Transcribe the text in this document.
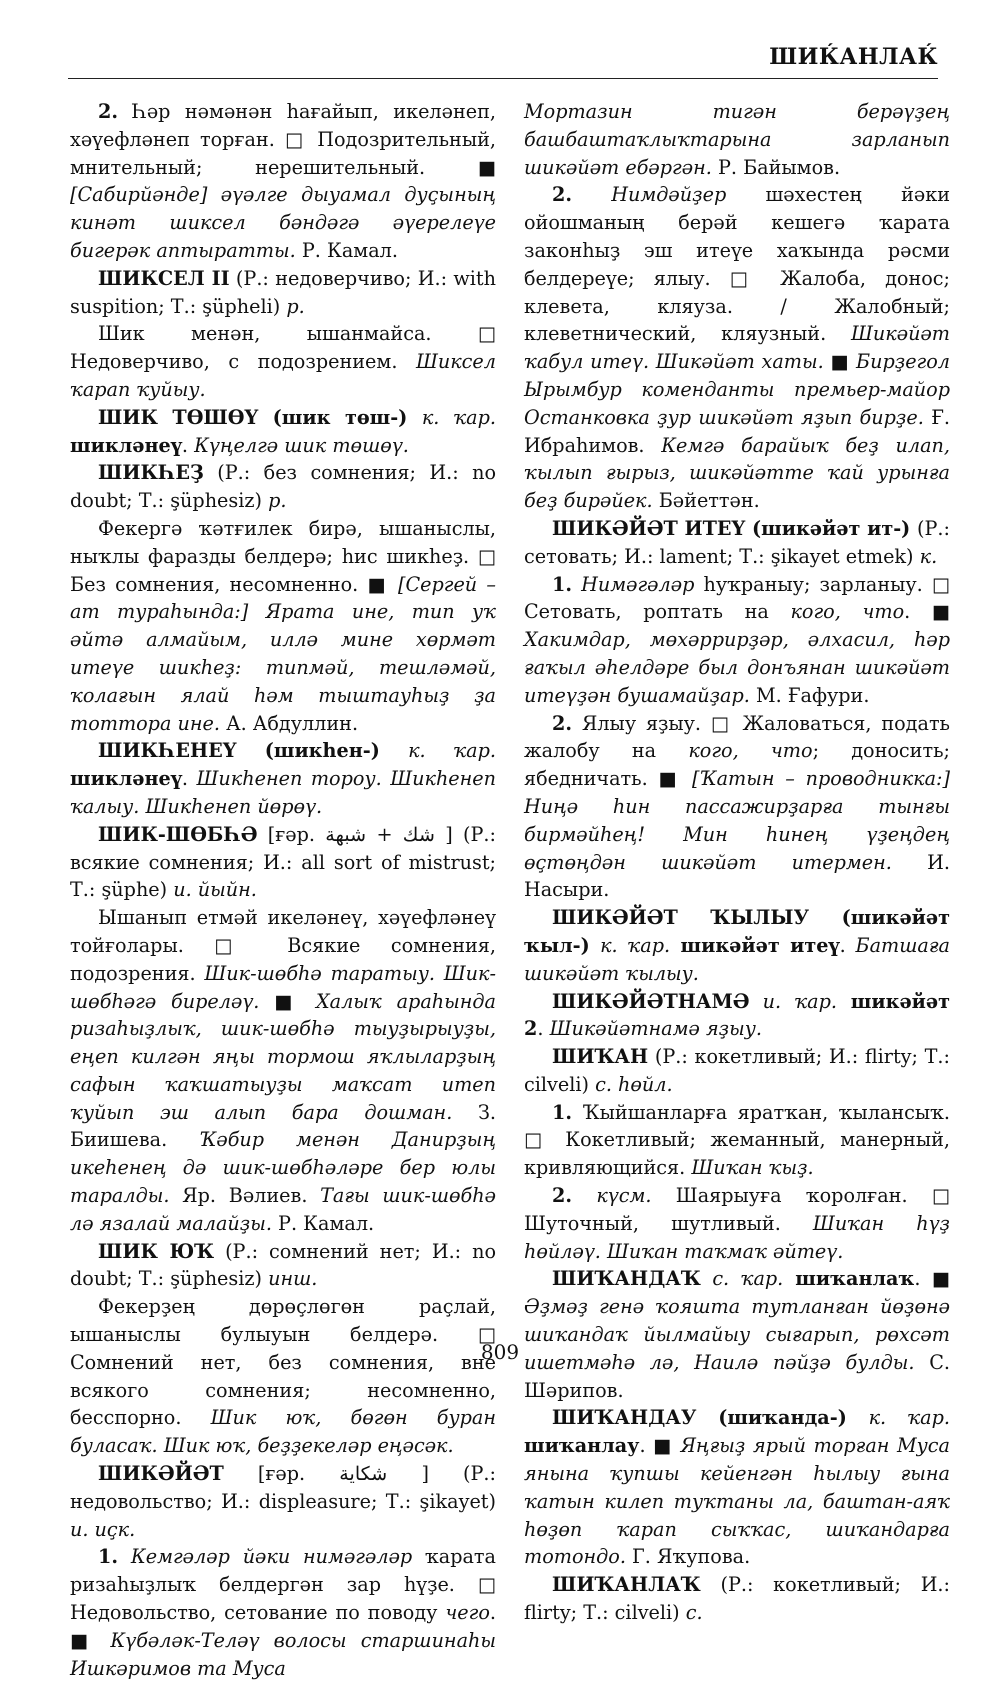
ШИЌАНЛАЌ

2. Һәр нәмәнән һағайып, икеләнеп, хәүефләнеп торған. □ Подозрительный, мнительный; нерешительный. ■ [Сабирйәнде] әүәлге дыуамал дуҫының кинәт шиксел бәндәгә әүерелеүе бигерәк аптыратты. Р. Камал.

ШИКСЕЛ II (Р.: недоверчиво; И.: with suspition; Т.: şüpheli) р.

Шик менән, ышанмайса. □ Недоверчиво, с подозрением. Шиксел ҡарап ҡуйыу.

ШИК ТӨШӨҮ (шик төш-) к. ҡар. шикләнеү. Күңелгә шик төшөү.

ШИКҺЕҘ (Р.: без сомнения; И.: no doubt; Т.: şüphesiz) р.

Фекергә ҡәтғилек бирә, ышаныслы, ныҡлы фаразды белдерә; һис шикһеҙ. □ Без сомнения, несомненно. ■ [Сергей – ат тураһында:] Ярата ине, тип уҡ әйтә алмайым, иллә мине хөрмәт итеүе шикһеҙ: типмәй, тешләмәй, ҡолағын ялай һәм тыштауһыҙ ҙа тоттора ине. А. Абдуллин.

ШИКҺЕНЕҮ (шикһен-) к. ҡар. шикләнеү. Шикһенеп тороу. Шикһенеп ҡалыу. Шикһенеп йөрөү.

ШИК-ШӨБҺӘ [ғәр. شك + شبهة ] (Р.: всякие сомнения; И.: all sort of mistrust; Т.: şüphe) и. йыйн.

Ышанып етмәй икеләнеү, хәүефләнеү тойғолары. □ Всякие сомнения, подозрения. Шик-шөбһә таратыу. Шик-шөбһәгә биреләү. ■ Халыҡ араһында ризаһыҙлыҡ, шик-шөбһә тыуҙырыуҙы, еңеп килгән яңы тормош яҡлыларҙың сафын ҡаҡшатыуҙы маҡсат итеп ҡуйып эш алып бара дошман. З. Биишева. Ҡәбир менән Данирҙың икеһенең дә шик-шөбһәләре бер юлы таралды. Яр. Вәлиев. Тағы шик-шөбһә лә язалай малайҙы. Р. Камал.

ШИК ЮҠ (Р.: сомнений нет; И.: no doubt; Т.: şüphesiz) инш.

Фекерҙең дөрөҫлөгөн раҫлай, ышаныслы булыуын белдерә. □ Сомнений нет, без сомнения, вне всякого сомнения; несомненно, бесспорно. Шик юҡ, бөгөн буран буласаҡ. Шик юҡ, беҙҙекеләр еңәсәк.

ШИКӘЙӘТ [ғәр. شكاية ] (Р.: недовольство; И.: displeasure; Т.: şikayet) и. иҫк.

1. Кемгәләр йәки нимәгәләр ҡарата ризаһыҙлыҡ белдергән зар һүҙе. □ Недовольство, сетование по поводу чего. ■ Күбәләк-Теләү волосы старшинаһы Ишкәримов та Муса

Мортазин тигән берәүҙең башбаштаҡлыҡтарына зарланып шикәйәт ебәргән. Р. Байымов.

2. Нимдәйҙер шәхестең йәки ойошманың берәй кешегә ҡарата законһыҙ эш итеүе хаҡында рәсми белдереүе; ялыу. □ Жалоба, донос; клевета, кляуза. / Жалобный; клеветнический, кляузный. Шикәйәт ҡабул итеү. Шикәйәт хаты. ■ Бирҙегол Ырымбур коменданты премьер-майор Останковка ҙур шикәйәт яҙып бирҙе. Ғ. Ибраһимов. Кемгә барайыҡ беҙ илап, ҡылып ғырыз, шикәйәтте ҡай урынға беҙ бирәйек. Бәйеттән.

ШИКӘЙӘТ ИТЕҮ (шикәйәт ит-) (Р.: сетовать; И.: lament; Т.: şikayet etmek) к.

1. Нимәгәләр һуҡраныу; зарланыу. □ Сетовать, роптать на кого, что. ■ Хакимдар, мөхәррирҙәр, әлхасил, һәр ғаҡыл әһелдәре был донъянан шикәйәт итеүҙән бушамайҙар. М. Ғафури.

2. Ялыу яҙыу. □ Жаловаться, подать жалобу на кого, что; доносить; ябедничать. ■ [Ҡатын – проводникка:] Ниңә һин пассажирҙарға тынғы бирмәйһең! Мин һинең үҙеңдең өҫтөңдән шикәйәт итермен. И. Насыри.

ШИКӘЙӘТ ҠЫЛЫУ (шикәйәт ҡыл-) к. ҡар. шикәйәт итеү. Батшаға шикәйәт ҡылыу.

ШИКӘЙӘТНАМӘ и. ҡар. шикәйәт 2. Шикәйәтнамә яҙыу.

ШИҠАН (Р.: кокетливый; И.: flirty; Т.: cilveli) с. һөйл.

1. Ҡыйшанларға яратҡан, ҡылансыҡ. □ Кокетливый; жеманный, манерный, кривляющийся. Шиҡан ҡыҙ.

2. күсм. Шаярыуға ҡоролған. □ Шуточный, шутливый. Шиҡан һүҙ һөйләү. Шиҡан таҡмаҡ әйтеү.

ШИҠАНДАҠ с. ҡар. шиҡанлаҡ. ■ Әҙмәҙ генә ҡояшта тутланған йөҙөнә шиҡандаҡ йылмайыу сығарып, рөхсәт ишетмәһә лә, Наилә пәйҙә булды. С. Шәрипов.

ШИҠАНДАУ (шиҡанда-) к. ҡар. шиҡанлау. ■ Яңғыҙ ярый торған Муса янына ҡупшы кейенгән һылыу ғына ҡатын килеп туҡтаны ла, баштан-аяҡ һөҙөп ҡарап сыҡҡас, шиҡандарға тотондо. Г. Яҡупова.

ШИҠАНЛАҠ (Р.: кокетливый; И.: flirty; Т.: cilveli) с.

809
